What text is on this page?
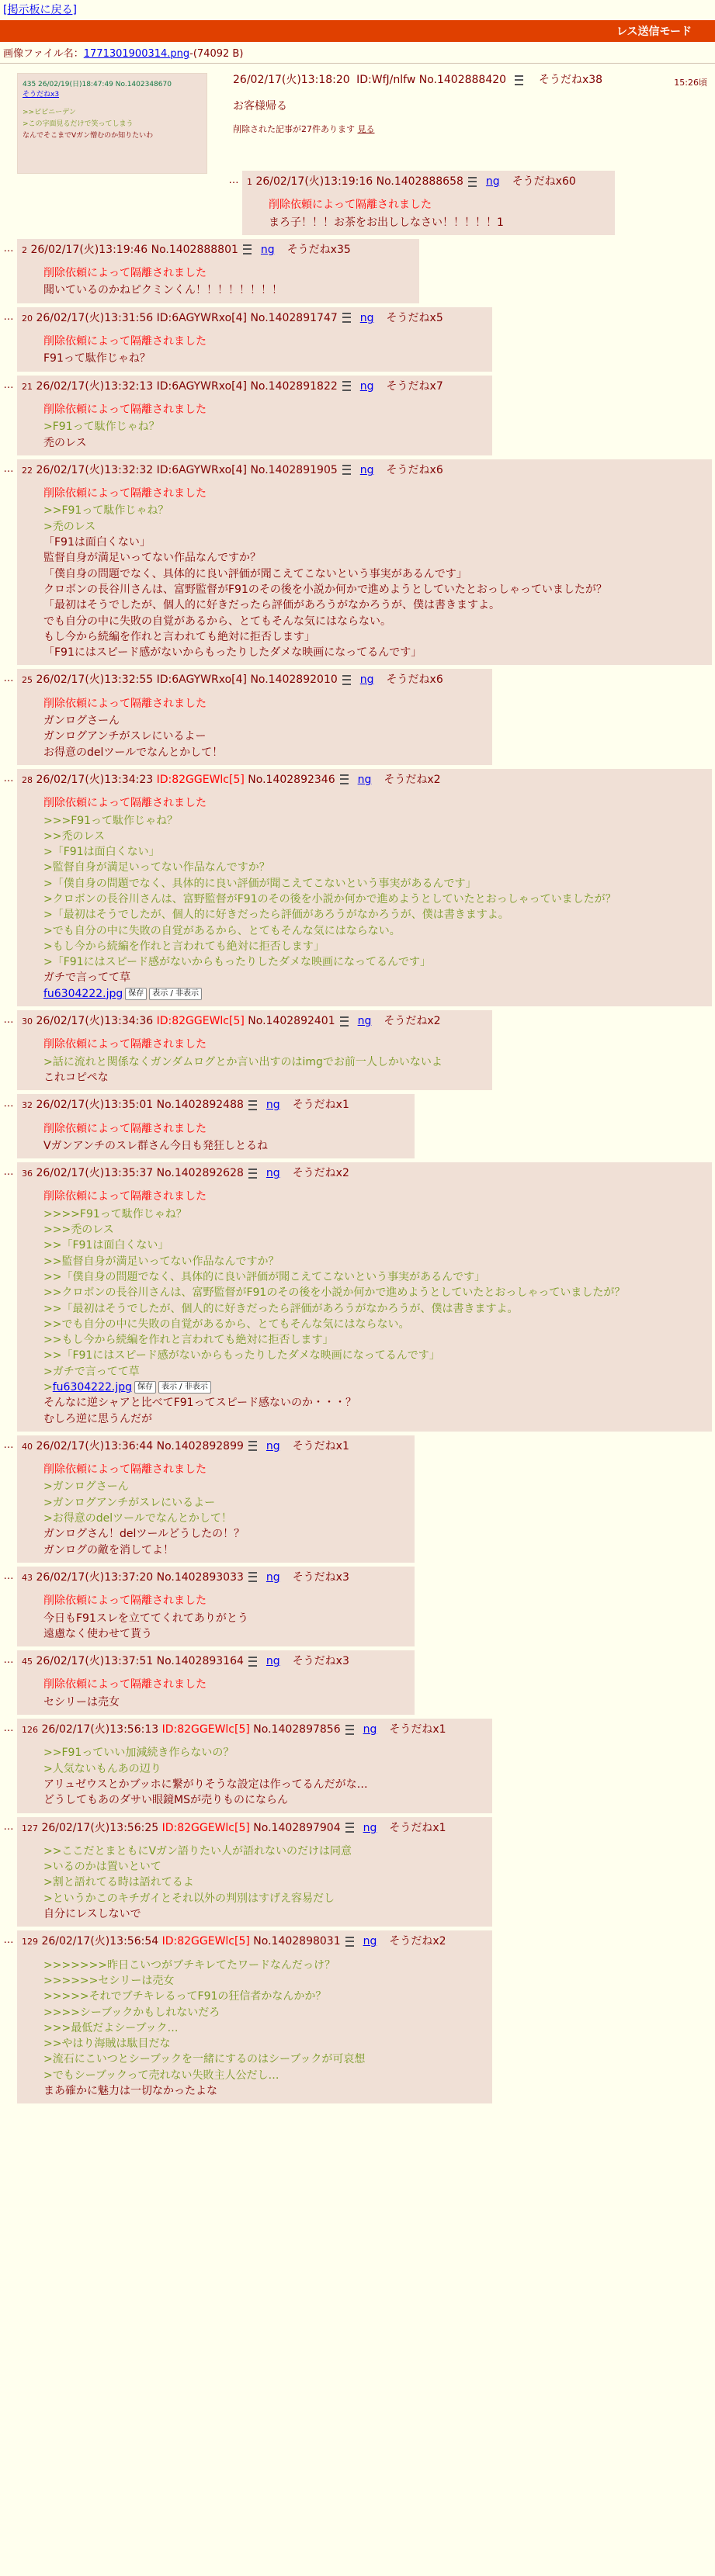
[掲示板に戻る]
レス送信モード
画像ファイル名：1771301900314.png-(74092 B)
435 26/02/19(日)18:47:49 No.1402348670
そうだねx3
>>ピピニーデン
>この字面見るだけで笑ってしまう
なんでそこまでVガン憎むのか知りたいわ
26/02/17(火)13:18:20 ID:WfJ/nlfw No.1402888420	そうだねx38	15:26頃
お客様帰る
削除された記事が27件あります 見る
… 1 26/02/17(火)13:19:16 No.1402888658 ng そうだねx60
削除依頼によって隔離されました
まろ子！！！お茶をお出ししなさい！！！！！1
… 2 26/02/17(火)13:19:46 No.1402888801 ng そうだねx35
削除依頼によって隔離されました
聞いているのかねピクミンくん！！！！！！！！
… 20 26/02/17(火)13:31:56 ID:6AGYWRxo[4] No.1402891747 ng そうだねx5
削除依頼によって隔離されました
F91って駄作じゃね？
… 21 26/02/17(火)13:32:13 ID:6AGYWRxo[4] No.1402891822 ng そうだねx7
削除依頼によって隔離されました
>F91って駄作じゃね？
禿のレス
… 22 26/02/17(火)13:32:32 ID:6AGYWRxo[4] No.1402891905 ng そうだねx6
削除依頼によって隔離されました
>>F91って駄作じゃね？
>禿のレス
「F91は面白くない」
監督自身が満足いってない作品なんですか？
「僕自身の問題でなく、具体的に良い評価が聞こえてこないという事実があるんです」
クロボンの長谷川さんは、富野監督がF91のその後を小説か何かで進めようとしていたとおっしゃっていましたが？
「最初はそうでしたが、個人的に好きだったら評価があろうがなかろうが、僕は書きますよ。
でも自分の中に失敗の自覚があるから、とてもそんな気にはならない。
もし今から続編を作れと言われても絶対に拒否します」
「F91にはスピード感がないからもったりしたダメな映画になってるんです」
… 25 26/02/17(火)13:32:55 ID:6AGYWRxo[4] No.1402892010 ng そうだねx6
削除依頼によって隔離されました
ガンログさーん
ガンログアンチがスレにいるよー
お得意のdelツールでなんとかして！
… 28 26/02/17(火)13:34:23 ID:82GGEWlc[5] No.1402892346 ng そうだねx2
削除依頼によって隔離されました
>>>F91って駄作じゃね？
>>禿のレス
>「F91は面白くない」
>監督自身が満足いってない作品なんですか？
>「僕自身の問題でなく、具体的に良い評価が聞こえてこないという事実があるんです」
>クロボンの長谷川さんは、富野監督がF91のその後を小説か何かで進めようとしていたとおっしゃっていましたが？
>「最初はそうでしたが、個人的に好きだったら評価があろうがなかろうが、僕は書きますよ。
>でも自分の中に失敗の自覚があるから、とてもそんな気にはならない。
>もし今から続編を作れと言われても絶対に拒否します」
>「F91にはスピード感がないからもったりしたダメな映画になってるんです」
ガチで言ってて草
fu6304222.jpg 保存 表示 / 非表示
… 30 26/02/17(火)13:34:36 ID:82GGEWlc[5] No.1402892401 ng そうだねx2
削除依頼によって隔離されました
>話に流れと関係なくガンダムログとか言い出すのはimgでお前一人しかいないよ
これコピペな
… 32 26/02/17(火)13:35:01 No.1402892488 ng そうだねx1
削除依頼によって隔離されました
Vガンアンチのスレ群さん今日も発狂しとるね
… 36 26/02/17(火)13:35:37 No.1402892628 ng そうだねx2
削除依頼によって隔離されました
>>>>F91って駄作じゃね？
>>>禿のレス
>>「F91は面白くない」
>>監督自身が満足いってない作品なんですか？
>>「僕自身の問題でなく、具体的に良い評価が聞こえてこないという事実があるんです」
>>クロボンの長谷川さんは、富野監督がF91のその後を小説か何かで進めようとしていたとおっしゃっていましたが？
>>「最初はそうでしたが、個人的に好きだったら評価があろうがなかろうが、僕は書きますよ。
>>でも自分の中に失敗の自覚があるから、とてもそんな気にはならない。
>>もし今から続編を作れと言われても絶対に拒否します」
>>「F91にはスピード感がないからもったりしたダメな映画になってるんです」
>ガチで言ってて草
>fu6304222.jpg 保存 表示 / 非表示
そんなに逆シャアと比べてF91ってスピード感ないのか・・・？
むしろ逆に思うんだが
… 40 26/02/17(火)13:36:44 No.1402892899 ng そうだねx1
削除依頼によって隔離されました
>ガンログさーん
>ガンログアンチがスレにいるよー
>お得意のdelツールでなんとかして！
ガンログさん！delツールどうしたの！？
ガンログの敵を消してよ！
… 43 26/02/17(火)13:37:20 No.1402893033 ng そうだねx3
削除依頼によって隔離されました
今日もF91スレを立ててくれてありがとう
遠慮なく使わせて貰う
… 45 26/02/17(火)13:37:51 No.1402893164 ng そうだねx3
削除依頼によって隔離されました
セシリーは売女
… 126 26/02/17(火)13:56:13 ID:82GGEWlc[5] No.1402897856 ng そうだねx1
>>F91っていい加減続き作らないの？
>人気ないもんあの辺り
アリュゼウスとかブッホに繋がりそうな設定は作ってるんだがな…
どうしてもあのダサい眼鏡MSが売りものにならん
… 127 26/02/17(火)13:56:25 ID:82GGEWlc[5] No.1402897904 ng そうだねx1
>>ここだとまともにVガン語りたい人が語れないのだけは同意
>いるのかは置いといて
>割と語れてる時は語れてるよ
>というかこのキチガイとそれ以外の判別はすげえ容易だし
自分にレスしないで
… 129 26/02/17(火)13:56:54 ID:82GGEWlc[5] No.1402898031 ng そうだねx2
>>>>>>>昨日こいつがブチキレてたワードなんだっけ？
>>>>>>セシリーは売女
>>>>>それでブチキレるってF91の狂信者かなんかか？
>>>>シーブックかもしれないだろ
>>>最低だよシーブック…
>>やはり海賊は駄目だな
>流石にこいつとシーブックを一緒にするのはシーブックが可哀想
>でもシーブックって売れない失敗主人公だし…
まあ確かに魅力は一切なかったよな
